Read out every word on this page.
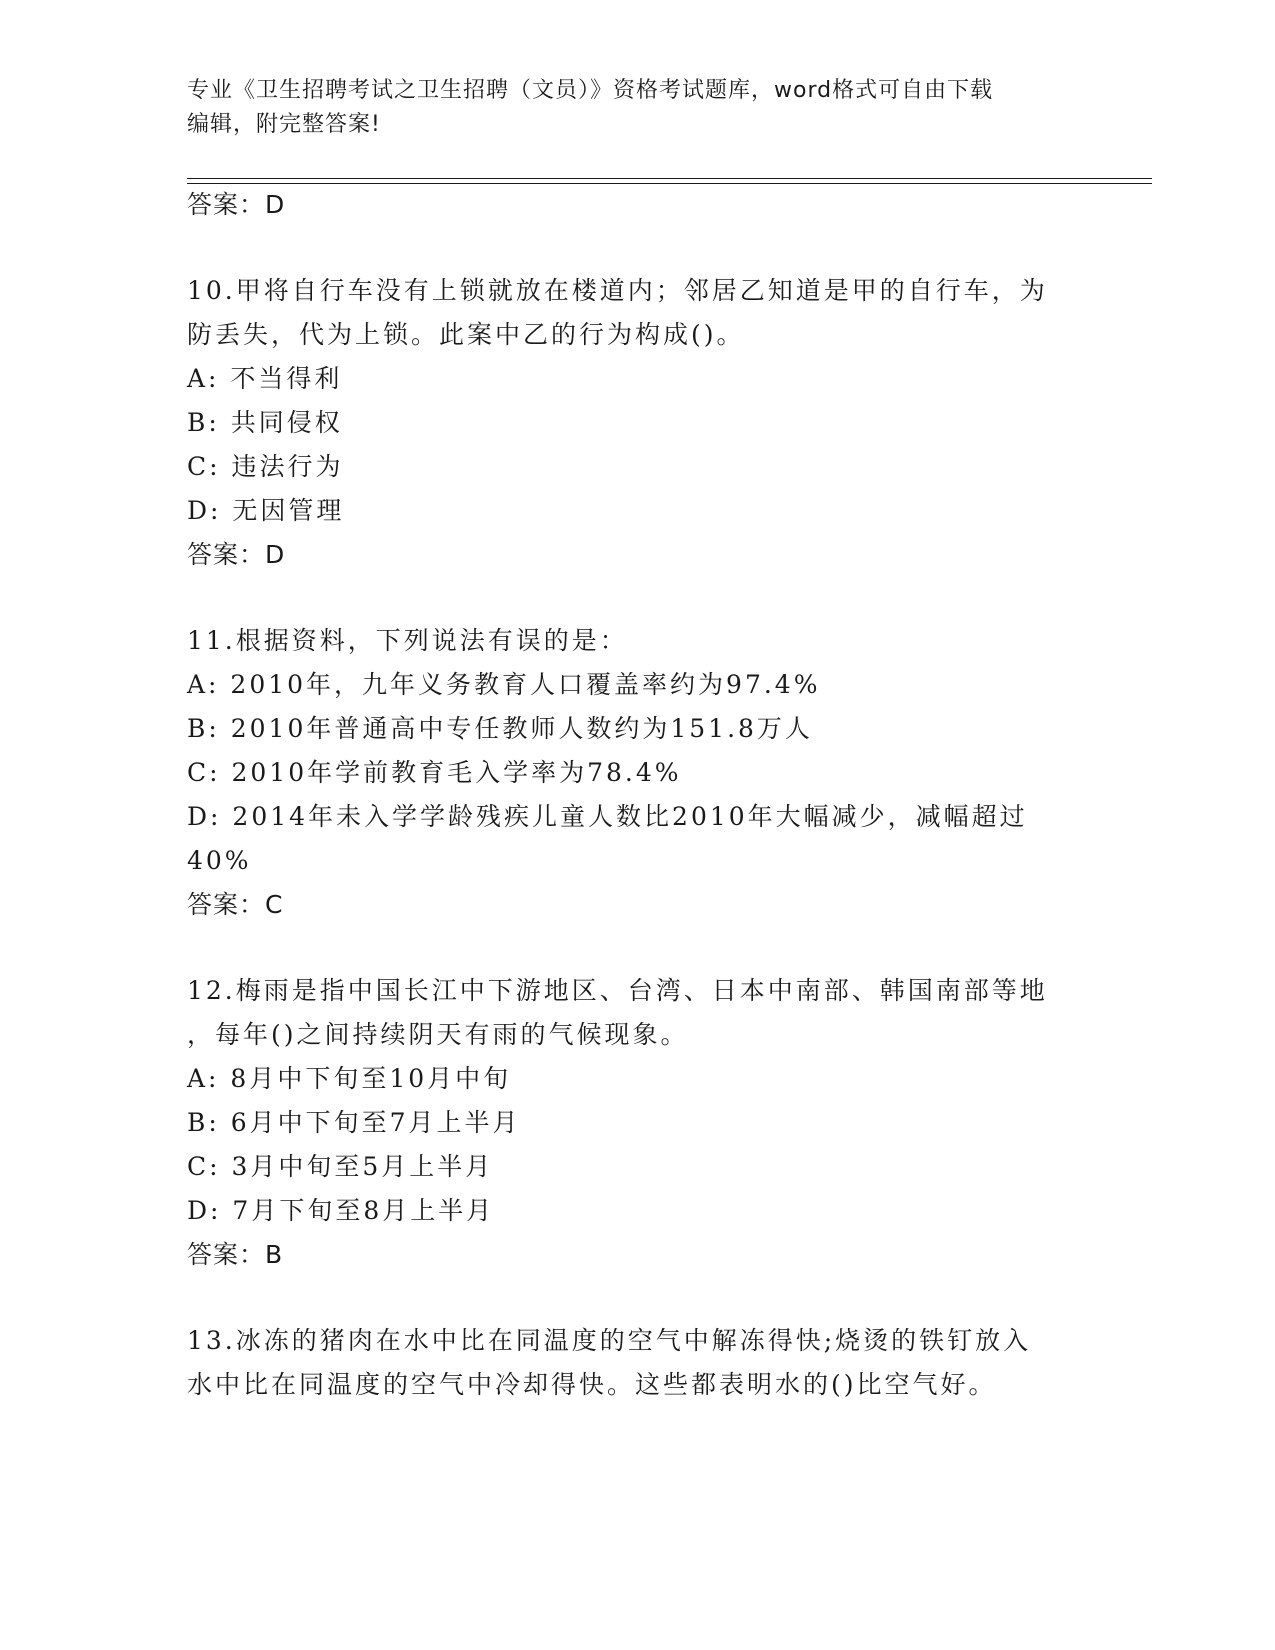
专业《卫生招聘考试之卫生招聘（文员）》资格考试题库，word格式可自由下载
编辑，附完整答案!
答案：D
10.甲将自行车没有上锁就放在楼道内；邻居乙知道是甲的自行车，为
防丢失，代为上锁。此案中乙的行为构成()。
A: 不当得利
B: 共同侵权
C: 违法行为
D: 无因管理
答案：D
11.根据资料，下列说法有误的是：
A: 2010年，九年义务教育人口覆盖率约为97.4%
B: 2010年普通高中专任教师人数约为151.8万人
C: 2010年学前教育毛入学率为78.4%
D: 2014年未入学学龄残疾儿童人数比2010年大幅减少，减幅超过
40%
答案：C
12.梅雨是指中国长江中下游地区、台湾、日本中南部、韩国南部等地
，每年()之间持续阴天有雨的气候现象。
A: 8月中下旬至10月中旬
B: 6月中下旬至7月上半月
C: 3月中旬至5月上半月
D: 7月下旬至8月上半月
答案：B
13.冰冻的猪肉在水中比在同温度的空气中解冻得快;烧烫的铁钉放入
水中比在同温度的空气中冷却得快。这些都表明水的()比空气好。
